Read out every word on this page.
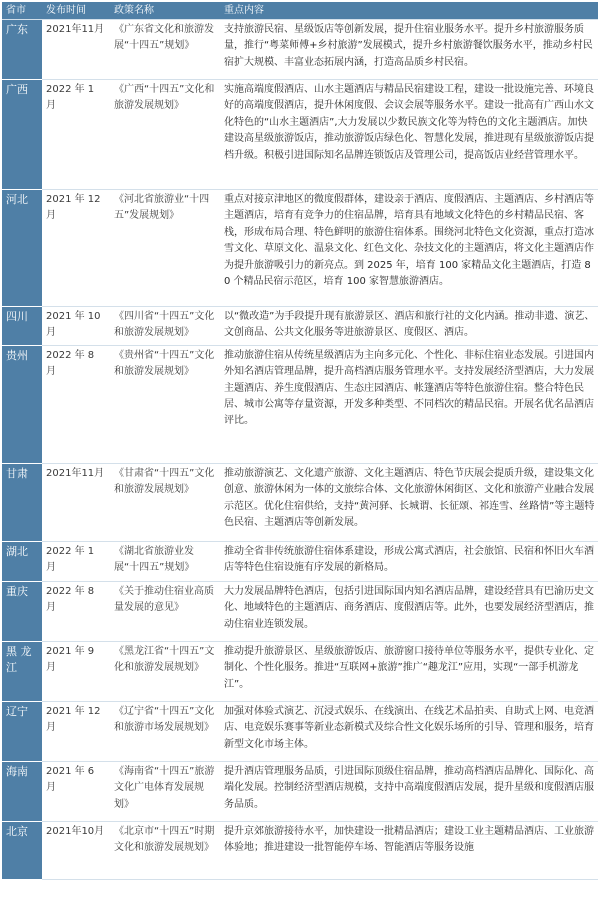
省市	发布时间	政策名称	重点内容
广东	2021年11月	《广东省文化和旅游发展“十四五”规划》	支持旅游民宿、星级饭店等创新发展，提升住宿业服务水平。提升乡村旅游服务质量，推行“粤菜师傅+乡村旅游”发展模式，提升乡村旅游餐饮服务水平，推动乡村民宿扩大规模、丰富业态拓展内涵，打造高品质乡村民宿。
广西	2022 年 1 月	《广西“十四五”文化和旅游发展规划》	实施高端度假酒店、山水主题酒店与精品民宿建设工程，建设一批设施完善、环境良好的高端度假酒店，提升休闲度假、会议会展等服务水平。建设一批高有广西山水文化特色的“山水主题酒店”,大力发展以少数民族文化等为特色的文化主题酒店。加快建设高星级旅游饭店，推动旅游饭店绿色化、智慧化发展，推进现有星级旅游饭店提档升级。积极引进国际知名品牌连锁饭店及管理公司，提高饭店业经营管理水平。
河北	2021 年 12 月	《河北省旅游业“十四五”发展规划》	重点对接京津地区的微度假群体，建设亲于酒店、度假酒店、主题酒店、乡村酒店等主题酒店，培育有竞争力的住宿品牌，培育具有地域文化特色的乡村精品民宿、客栈，形成布局合理、特色鲜明的旅游住宿体系。围绕河北特色文化资源，重点打造冰雪文化、草原文化、温泉文化、红色文化、杂技文化的主题酒店，将文化主题酒店作为提升旅游吸引力的新亮点。到 2025 年，培育 100 家精品文化主题酒店，打造 80 个精品民宿示范区，培育 100 家智慧旅游酒店。
四川	2021 年 10 月	《四川省“十四五”文化和旅游发展规划》	以“微改造”为手段提升现有旅游景区、酒店和旅行社的文化内涵。推动非遗、演艺、文创商品、公共文化服务等进旅游景区、度假区、酒店。
贵州	2022 年 8 月	《贵州省“十四五”文化和旅游发展规划》	推动旅游住宿从传统星级酒店为主向多元化、个性化、非标住宿业态发展。引进国内外知名酒店管理品牌，提升高档酒店服务管理水平。支持发展经济型酒店，大力发展主题酒店、养生度假酒店、生态庄园酒店、帐篷酒店等特色旅游住宿。整合特色民居、城市公寓等存量资源，开发多种类型、不同档次的精品民宿。开展名优名品酒店评比。
甘肃	2021年11月	《甘肃省“十四五”文化和旅游发展规划》	推动旅游演艺、文化遗产旅游、文化主题酒店、特色节庆展会提质升级，建设集文化创意、旅游休闲为一体的文旅综合体、文化旅游休闲街区、文化和旅游产业融合发展示范区。优化住宿供给，支持“黄河驿、长城谓、长征颂、祁连雪、丝路情”等主题特色民宿、主题酒店等创新发展。
湖北	2022 年 1 月	《湖北省旅游业发展“十四五”规划》	推动全省非传统旅游住宿体系建设，形成公寓式酒店，社会旅馆、民宿和怀旧火车酒店等特色住宿设施有序发展的新格局。
重庆	2022 年 8 月	《关于推动住宿业高质量发展的意见》	大力发展品牌特色酒店，包括引进国际国内知名酒店品牌，建设经营具有巴渝历史文化、地域特色的主题酒店、商务酒店、度假酒店等。此外，也要发展经济型酒店，推动住宿业连锁发展。
黑 龙 江	2021 年 9 月	《黑龙江省“十四五”文化和旅游发展规划》	推动提升旅游景区、星级旅游饭店、旅游窗口接待单位等服务水平，提供专业化、定制化、个性化服务。推进“互联网+旅游”推广“趣龙江”应用，实现“一部手机游龙江”。
辽宁	2021 年 12 月	《辽宁省“十四五”文化和旅游市场发展规划》	加强对体验式演艺、沉浸式娱乐、在线演出、在线艺术品拍卖、自助式上网、电竞酒店、电竞娱乐赛事等新业态新模式及综合性文化娱乐场所的引导、管理和服务，培育新型文化市场主体。
海南	2021 年 6 月	《海南省“十四五”旅游文化广电体育发展规划》	提升酒店管理服务品质，引进国际顶级住宿品牌，推动高档酒店品牌化、国际化、高端化发展。控制经济型酒店规模，支持中高端度假酒店发展，提升星级和度假酒店服务品质。
北京	2021年10月	《北京市“十四五”时期文化和旅游发展规划》	提升京郊旅游接待水平，加快建设一批精品酒店；建设工业主题精品酒店、工业旅游体验地；推进建设一批智能停车场、智能酒店等服务设施
